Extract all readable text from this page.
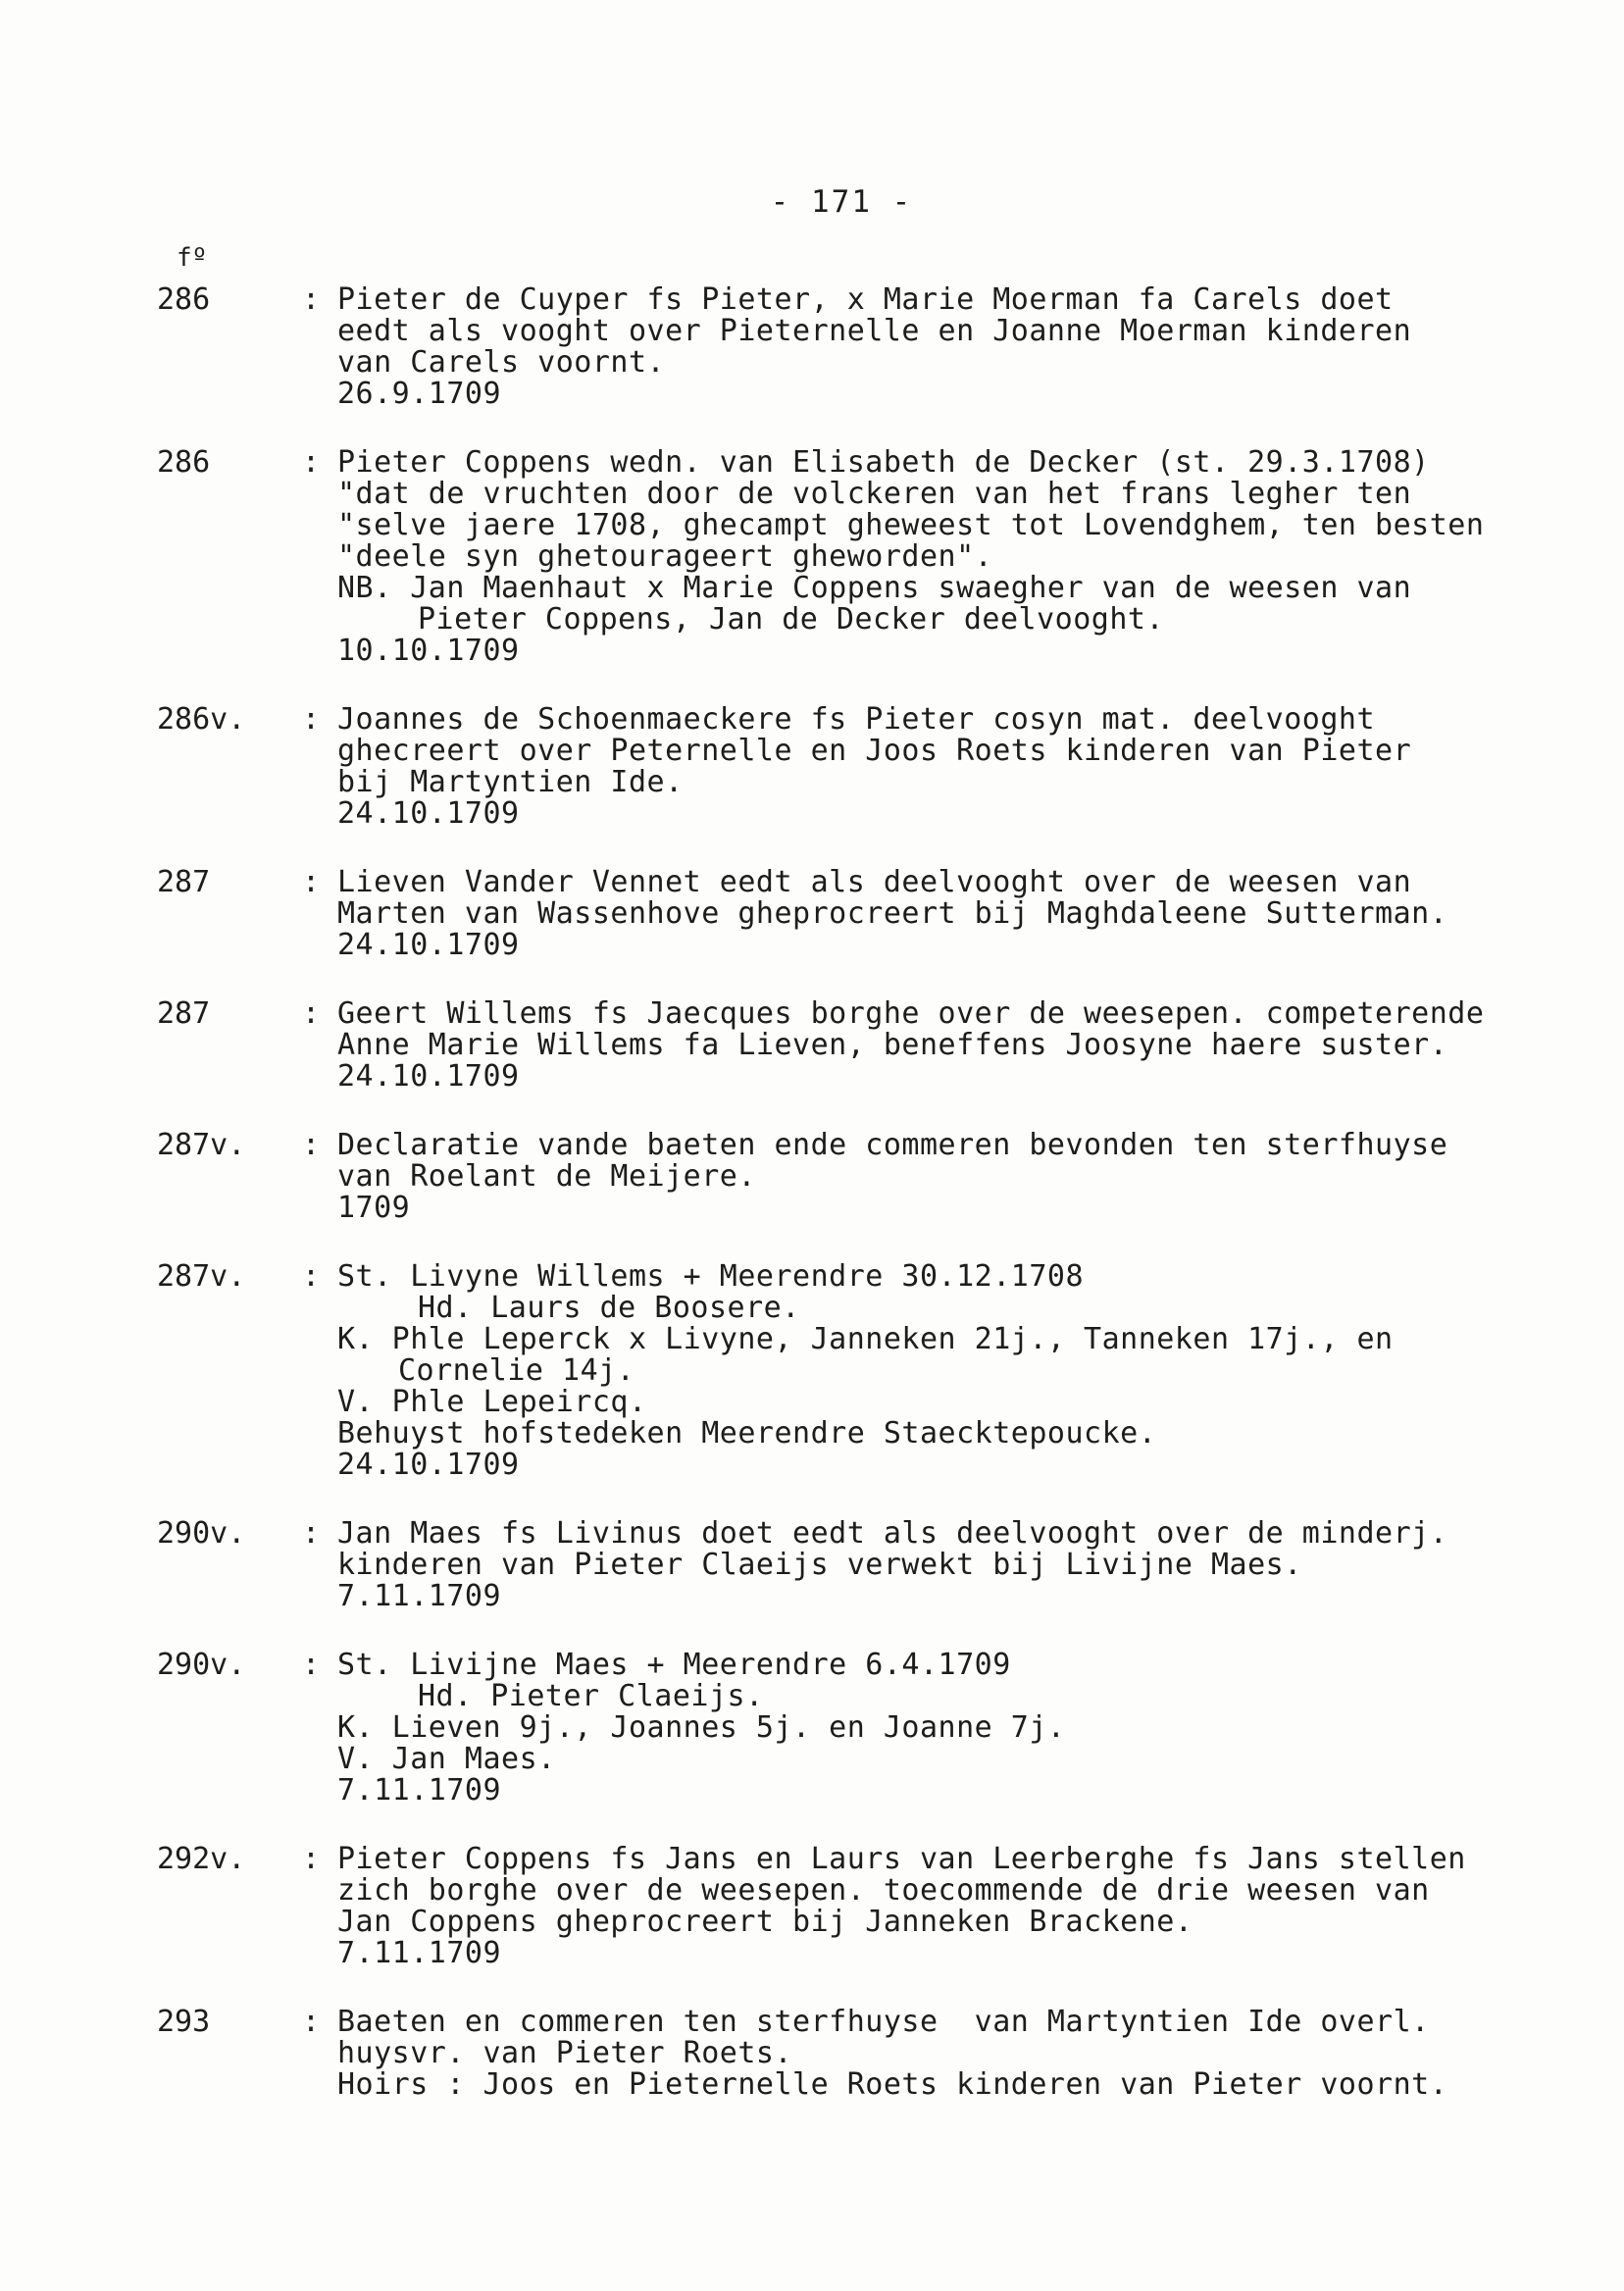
- 171 -
fº
286	: Pieter de Cuyper fs Pieter, x Marie Moerman fa Carels doet
eedt als vooght over Pieternelle en Joanne Moerman kinderen
van Carels voornt.
26.9.1709
286	: Pieter Coppens wedn. van Elisabeth de Decker (st. 29.3.1708)
"dat de vruchten door de volckeren van het frans legher ten
"selve jaere 1708, ghecampt gheweest tot Lovendghem, ten besten
"deele syn ghetourageert gheworden".
NB. Jan Maenhaut x Marie Coppens swaegher van de weesen van
Pieter Coppens, Jan de Decker deelvooght.
10.10.1709
286v.	: Joannes de Schoenmaeckere fs Pieter cosyn mat. deelvooght
ghecreert over Peternelle en Joos Roets kinderen van Pieter
bij Martyntien Ide.
24.10.1709
287	: Lieven Vander Vennet eedt als deelvooght over de weesen van
Marten van Wassenhove gheprocreert bij Maghdaleene Sutterman.
24.10.1709
287	: Geert Willems fs Jaecques borghe over de weesepen. competerende
Anne Marie Willems fa Lieven, beneffens Joosyne haere suster.
24.10.1709
287v.	: Declaratie vande baeten ende commeren bevonden ten sterfhuyse
van Roelant de Meijere.
1709
287v.	: St. Livyne Willems + Meerendre 30.12.1708
Hd. Laurs de Boosere.
K. Phle Leperck x Livyne, Janneken 21j., Tanneken 17j., en
Cornelie 14j.
V. Phle Lepeircq.
Behuyst hofstedeken Meerendre Staecktepoucke.
24.10.1709
290v.	: Jan Maes fs Livinus doet eedt als deelvooght over de minderj.
kinderen van Pieter Claeijs verwekt bij Livijne Maes.
7.11.1709
290v.	: St. Livijne Maes + Meerendre 6.4.1709
Hd. Pieter Claeijs.
K. Lieven 9j., Joannes 5j. en Joanne 7j.
V. Jan Maes.
7.11.1709
292v.	: Pieter Coppens fs Jans en Laurs van Leerberghe fs Jans stellen
zich borghe over de weesepen. toecommende de drie weesen van
Jan Coppens gheprocreert bij Janneken Brackene.
7.11.1709
293	: Baeten en commeren ten sterfhuyse  van Martyntien Ide overl.
huysvr. van Pieter Roets.
Hoirs : Joos en Pieternelle Roets kinderen van Pieter voornt.
